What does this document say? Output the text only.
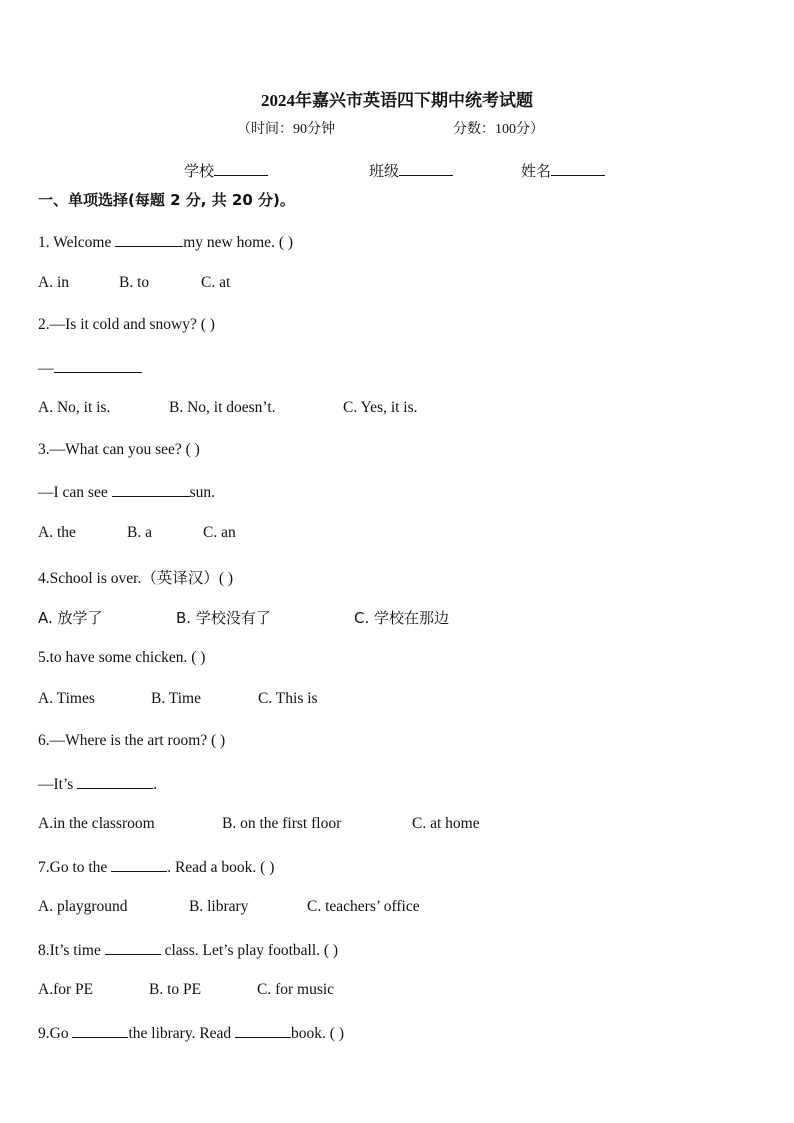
2024年嘉兴市英语四下期中统考试题
（时间：90分钟	分数：100分）
学校	班级	姓名
一、单项选择(每题 2 分, 共 20 分)。
1. Welcome	my new home. ( )
A. in	B. to	C. at
2.—Is it cold and snowy? ( )
—
A. No, it is.	B. No, it doesn’t.	C. Yes, it is.
3.—What can you see? ( )
—I can see	sun.
A. the	B. a	C. an
4.School is over.（英译汉）( )
A. 放学了	B. 学校没有了	C. 学校在那边
5.to have some chicken. ( )
A. Times	B. Time	C. This is
6.—Where is the art room? ( )
—It’s	.
A.in the classroom	B. on the first floor	C. at home
7.Go to the	. Read a book. ( )
A. playground	B. library	C. teachers’ office
8.It’s time	class. Let’s play football. ( )
A.for PE	B. to PE	C. for music
9.Go	the library. Read	book. ( )
